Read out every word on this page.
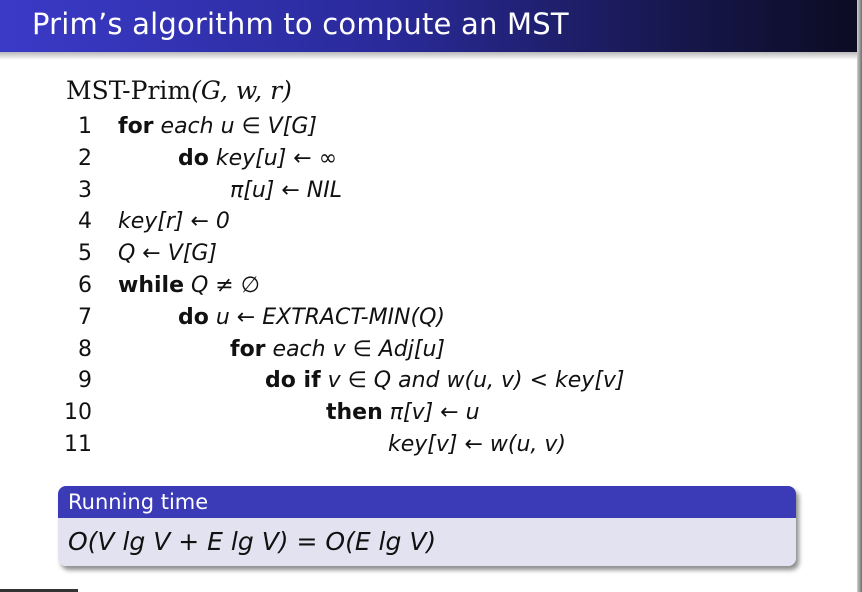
Prim’s algorithm to compute an MST
MST-Prim(G, w, r)
1 for each u ∈ V[G]
2	do key[u] ← ∞
3	π[u] ← NIL
4 key[r] ← 0
5 Q ← V[G]
6 while Q ≠ ∅
7	do u ← EXTRACT-MIN(Q)
8	for each v ∈ Adj[u]
9	do if v ∈ Q and w(u, v) < key[v]
10	then π[v] ← u
11	key[v] ← w(u, v)
Running time
O(V lg V + E lg V) = O(E lg V)
